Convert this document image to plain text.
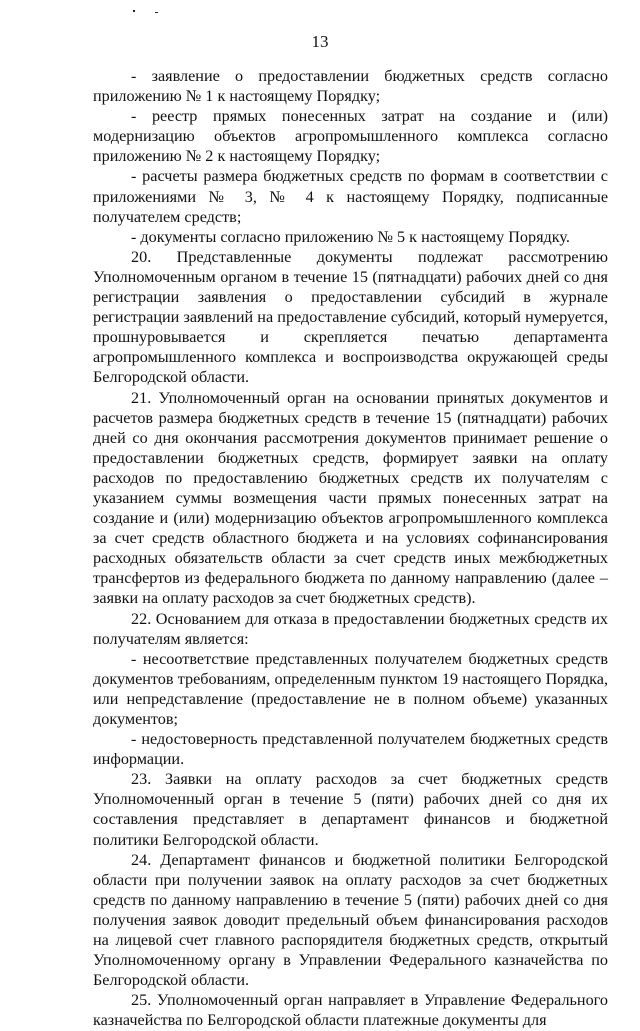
13

- заявление о предоставлении бюджетных средств согласно приложению № 1 к настоящему Порядку;

- реестр прямых понесенных затрат на создание и (или) модернизацию объектов агропромышленного комплекса согласно приложению № 2 к настоящему Порядку;

- расчеты размера бюджетных средств по формам в соответствии с приложениями № 3, № 4 к настоящему Порядку, подписанные получателем средств;

- документы согласно приложению № 5 к настоящему Порядку.

20. Представленные документы подлежат рассмотрению Уполномоченным органом в течение 15 (пятнадцати) рабочих дней со дня регистрации заявления о предоставлении субсидий в журнале регистрации заявлений на предоставление субсидий, который нумеруется, прошнуровывается и скрепляется печатью департамента агропромышленного комплекса и воспроизводства окружающей среды Белгородской области.

21. Уполномоченный орган на основании принятых документов и расчетов размера бюджетных средств в течение 15 (пятнадцати) рабочих дней со дня окончания рассмотрения документов принимает решение о предоставлении бюджетных средств, формирует заявки на оплату расходов по предоставлению бюджетных средств их получателям с указанием суммы возмещения части прямых понесенных затрат на создание и (или) модернизацию объектов агропромышленного комплекса за счет средств областного бюджета и на условиях софинансирования расходных обязательств области за счет средств иных межбюджетных трансфертов из федерального бюджета по данному направлению (далее – заявки на оплату расходов за счет бюджетных средств).

22. Основанием для отказа в предоставлении бюджетных средств их получателям является:

- несоответствие представленных получателем бюджетных средств документов требованиям, определенным пунктом 19 настоящего Порядка, или непредставление (предоставление не в полном объеме) указанных документов;

- недостоверность представленной получателем бюджетных средств информации.

23. Заявки на оплату расходов за счет бюджетных средств Уполномоченный орган в течение 5 (пяти) рабочих дней со дня их составления представляет в департамент финансов и бюджетной политики Белгородской области.

24. Департамент финансов и бюджетной политики Белгородской области при получении заявок на оплату расходов за счет бюджетных средств по данному направлению в течение 5 (пяти) рабочих дней со дня получения заявок доводит предельный объем финансирования расходов на лицевой счет главного распорядителя бюджетных средств, открытый Уполномоченному органу в Управлении Федерального казначейства по Белгородской области.

25. Уполномоченный орган направляет в Управление Федерального казначейства по Белгородской области платежные документы для
